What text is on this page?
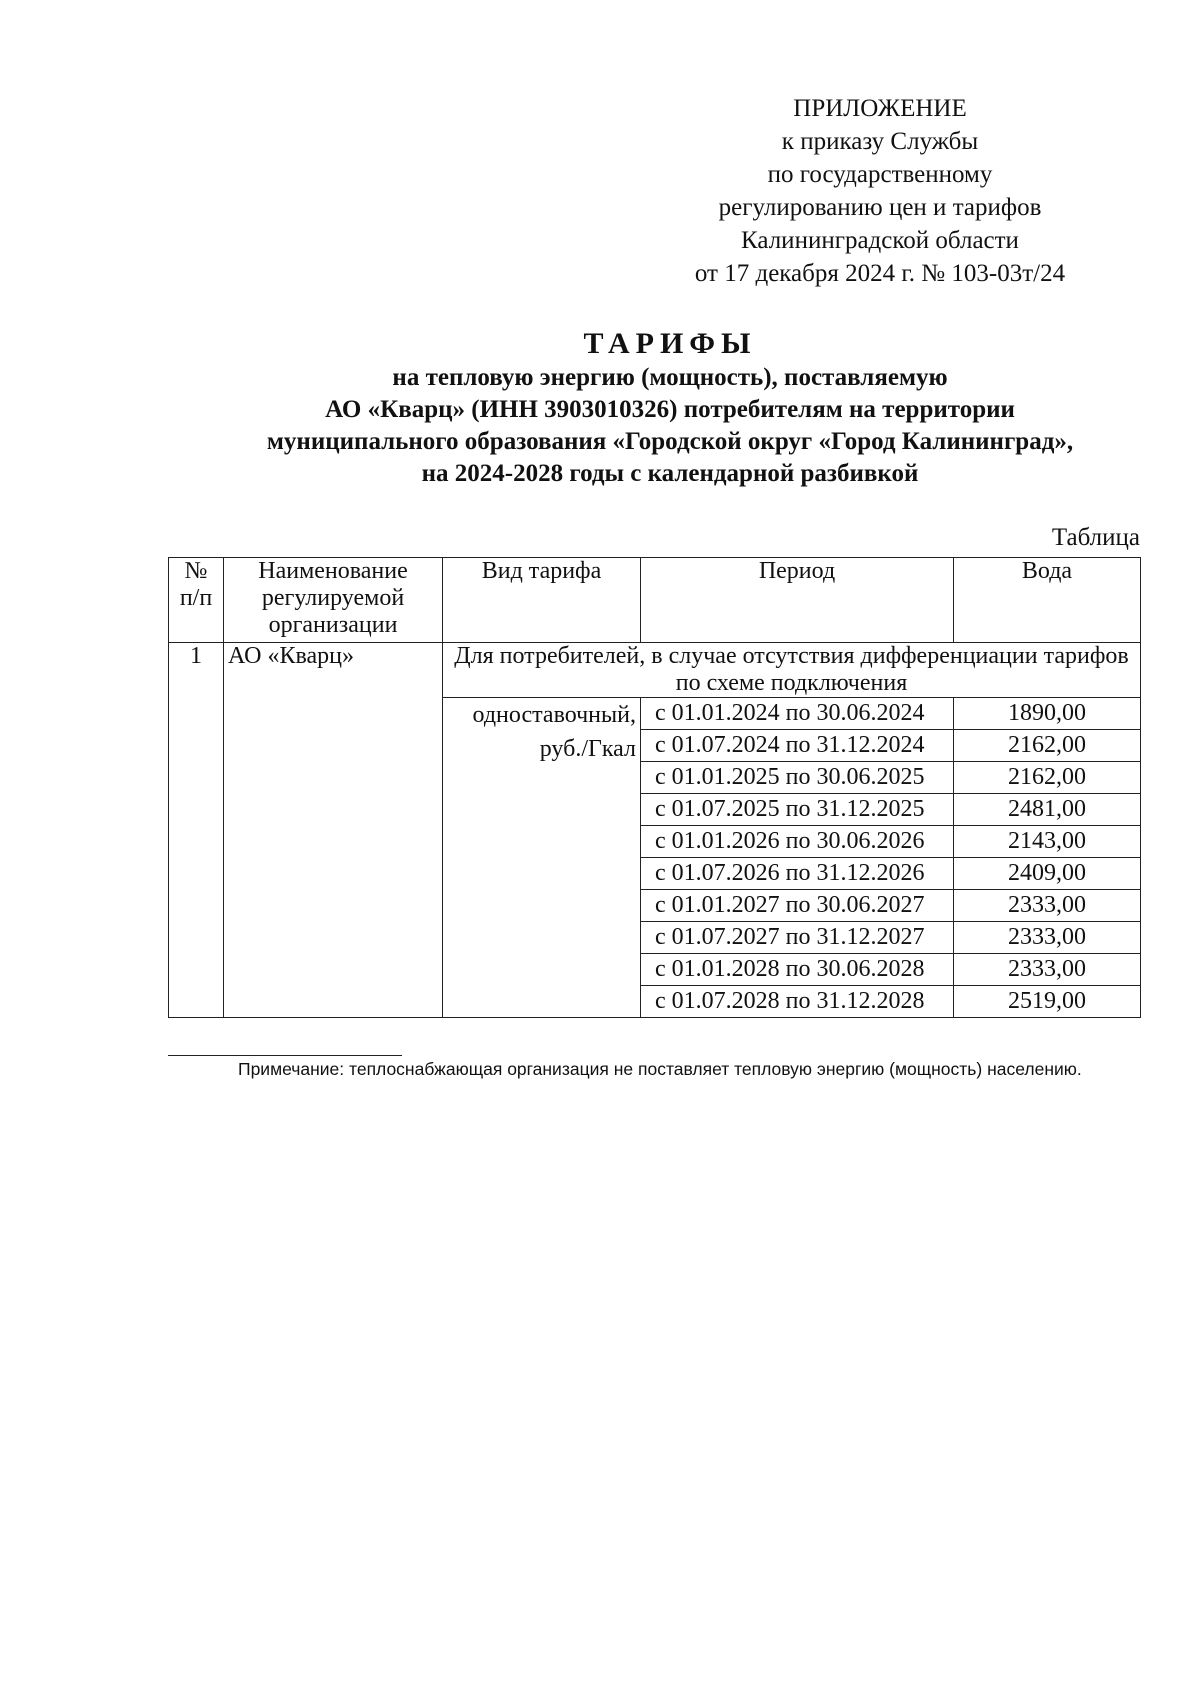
ПРИЛОЖЕНИЕ
к приказу Службы
по государственному
регулированию цен и тарифов
Калининградской области
от 17 декабря 2024 г. № 103-03т/24
ТАРИФЫ
на тепловую энергию (мощность), поставляемую
АО «Кварц» (ИНН 3903010326) потребителям на территории
муниципального образования «Городской округ «Город Калининград»,
на 2024-2028 годы с календарной разбивкой
Таблица
№ п/п	Наименование регулируемой организации	Вид тарифа	Период	Вода
1	АО «Кварц»	Для потребителей, в случае отсутствия дифференциации тарифов по схеме подключения		
		одноставочный, руб./Гкал	с 01.01.2024 по 30.06.2024	1890,00
			с 01.07.2024 по 31.12.2024	2162,00
			с 01.01.2025 по 30.06.2025	2162,00
			с 01.07.2025 по 31.12.2025	2481,00
			с 01.01.2026 по 30.06.2026	2143,00
			с 01.07.2026 по 31.12.2026	2409,00
			с 01.01.2027 по 30.06.2027	2333,00
			с 01.07.2027 по 31.12.2027	2333,00
			с 01.01.2028 по 30.06.2028	2333,00
			с 01.07.2028 по 31.12.2028	2519,00
Примечание: теплоснабжающая организация не поставляет тепловую энергию (мощность) населению.
